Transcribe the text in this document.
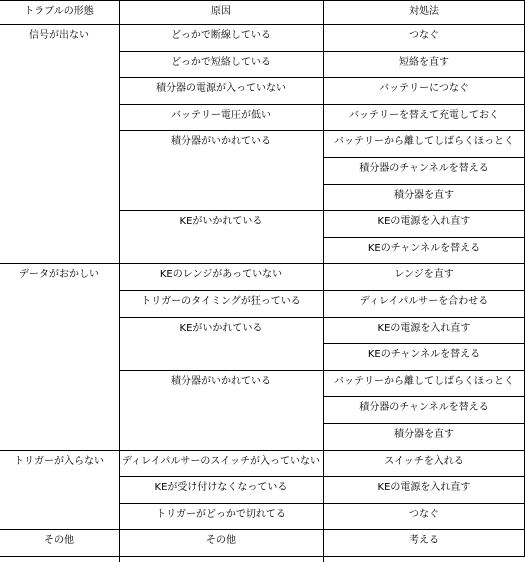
トラブルの形態	原因	対処法
信号が出ない	どっかで断線している	つなぐ
どっかで短絡している	短絡を直す
積分器の電源が入っていない	バッテリーにつなぐ
バッテリー電圧が低い	バッテリーを替えて充電しておく
積分器がいかれている	バッテリーから離してしばらくほっとく
積分器のチャンネルを替える
積分器を直す
KEがいかれている	KEの電源を入れ直す
KEのチャンネルを替える
データがおかしい	KEのレンジがあっていない	レンジを直す
トリガーのタイミングが狂っている	ディレイパルサーを合わせる
KEがいかれている	KEの電源を入れ直す
KEのチャンネルを替える
積分器がいかれている	バッテリーから離してしばらくほっとく
積分器のチャンネルを替える
積分器を直す
トリガーが入らない	ディレイパルサーのスイッチが入っていない	スイッチを入れる
KEが受け付けなくなっている	KEの電源を入れ直す
トリガーがどっかで切れてる	つなぐ
その他	その他	考える
